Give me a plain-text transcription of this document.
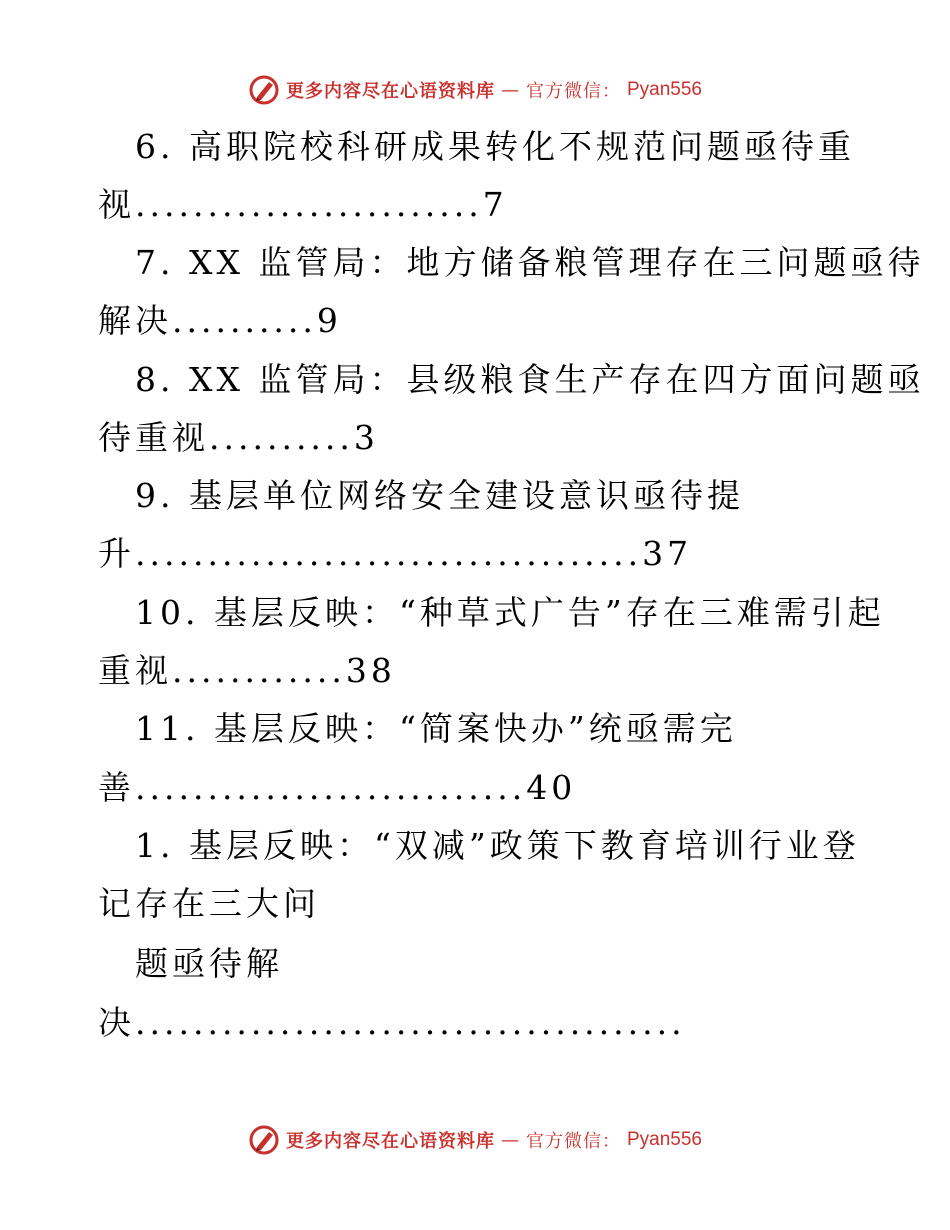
更多内容尽在心语资料库 — 官方微信： Pyan556
6. 高职院校科研成果转化不规范问题亟待重
视........................7
7. XX 监管局：地方储备粮管理存在三问题亟待
解决..........9
8. XX 监管局：县级粮食生产存在四方面问题亟
待重视..........3
9. 基层单位网络安全建设意识亟待提
升...................................37
10. 基层反映：“种草式广告”存在三难需引起
重视............38
11. 基层反映：“简案快办”统亟需完
善...........................40
1. 基层反映：“双减”政策下教育培训行业登
记存在三大问
题亟待解
决......................................
更多内容尽在心语资料库 — 官方微信： Pyan556
